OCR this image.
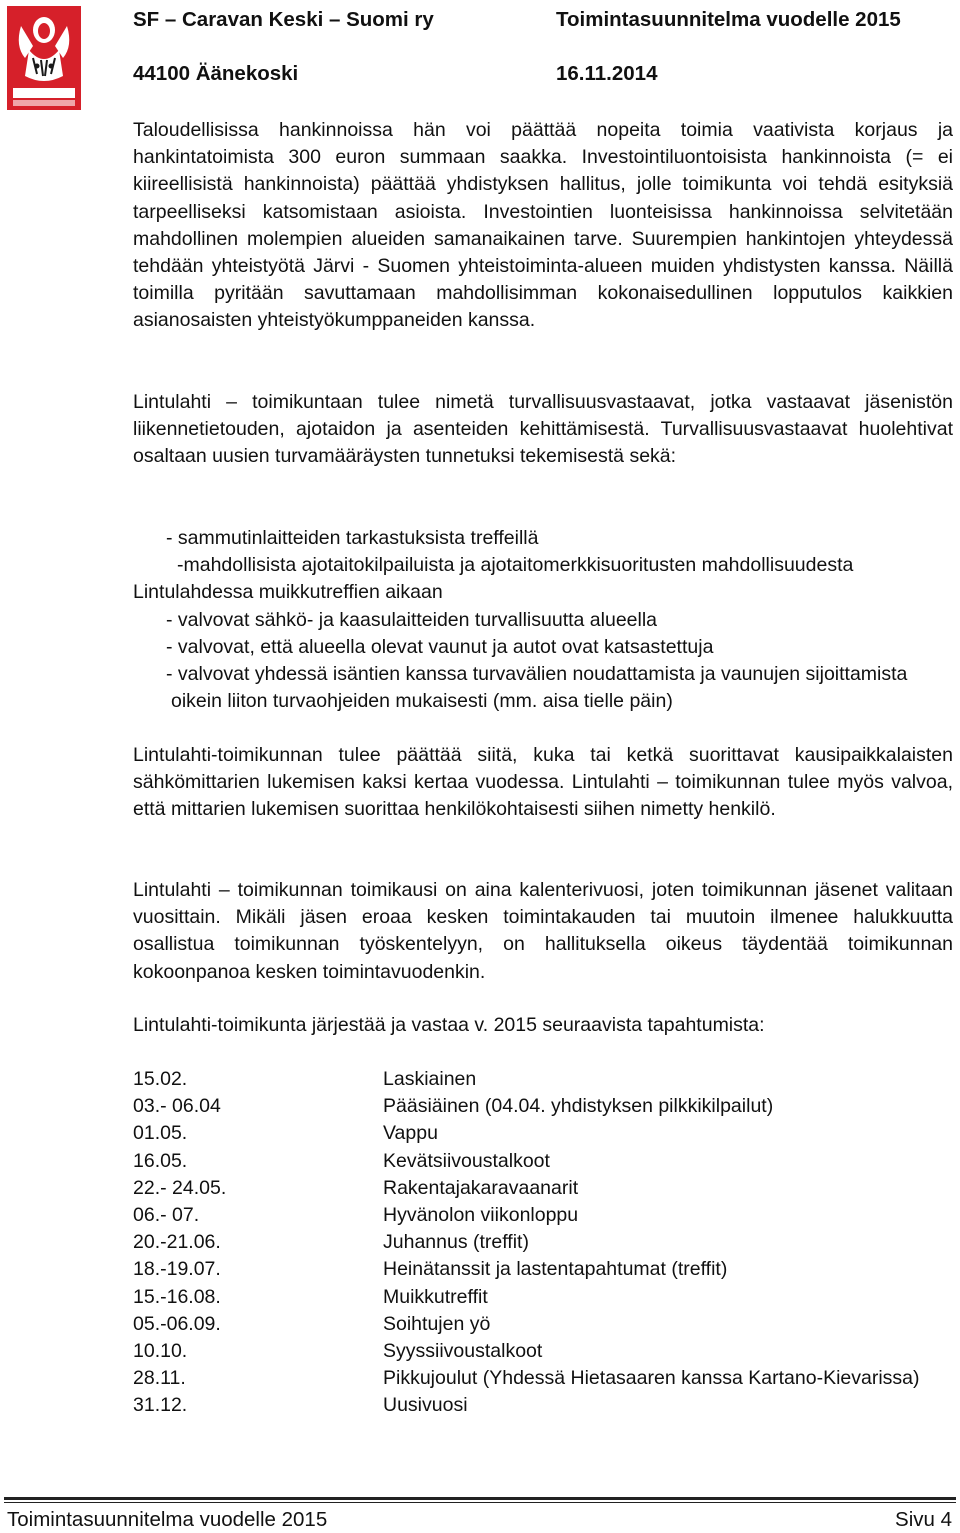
SF – Caravan Keski – Suomi ry	Toimintasuunnitelma vuodelle 2015
44100 Äänekoski	16.11.2014

Taloudellisissa hankinnoissa hän voi päättää nopeita toimia vaativista korjaus ja hankintatoimista 300 euron summaan saakka. Investointiluontoisista hankinnoista (= ei kiireellisistä hankinnoista) päättää yhdistyksen hallitus, jolle toimikunta voi tehdä esityksiä tarpeelliseksi katsomistaan asioista. Investointien luonteisissa hankinnoissa selvitetään mahdollinen molempien alueiden samanaikainen tarve. Suurempien hankintojen yhteydessä tehdään yhteistyötä Järvi - Suomen yhteistoiminta-alueen muiden yhdistysten kanssa. Näillä toimilla pyritään savuttamaan mahdollisimman kokonaisedullinen lopputulos kaikkien asianosaisten yhteistyökumppaneiden kanssa.

Lintulahti – toimikuntaan tulee nimetä turvallisuusvastaavat, jotka vastaavat jäsenistön liikennetietouden, ajotaidon ja asenteiden kehittämisestä. Turvallisuusvastaavat huolehtivat osaltaan uusien turvamääräysten tunnetuksi tekemisestä sekä:

- sammutinlaitteiden tarkastuksista treffeillä
-mahdollisista ajotaitokilpailuista ja ajotaitomerkkisuoritusten mahdollisuudesta Lintulahdessa muikkutreffien aikaan
- valvovat sähkö- ja kaasulaitteiden turvallisuutta alueella
- valvovat, että alueella olevat vaunut ja autot ovat katsastettuja
- valvovat yhdessä isäntien kanssa turvavälien noudattamista ja vaunujen sijoittamista oikein liiton turvaohjeiden mukaisesti (mm. aisa tielle päin)

Lintulahti-toimikunnan tulee päättää siitä, kuka tai ketkä suorittavat kausipaikkalaisten sähkömittarien lukemisen kaksi kertaa vuodessa. Lintulahti – toimikunnan tulee myös valvoa, että mittarien lukemisen suorittaa henkilökohtaisesti siihen nimetty henkilö.

Lintulahti – toimikunnan toimikausi on aina kalenterivuosi, joten toimikunnan jäsenet valitaan vuosittain. Mikäli jäsen eroaa kesken toimintakauden tai muutoin ilmenee halukkuutta osallistua toimikunnan työskentelyyn, on hallituksella oikeus täydentää toimikunnan kokoonpanoa kesken toimintavuodenkin.

Lintulahti-toimikunta järjestää ja vastaa v. 2015 seuraavista tapahtumista:

15.02.	Laskiainen
03.- 06.04	Pääsiäinen (04.04. yhdistyksen pilkkikilpailut)
01.05.	Vappu
16.05.	Kevätsiivoustalkoot
22.- 24.05.	Rakentajakaravaanarit
06.- 07.	Hyvänolon viikonloppu
20.-21.06.	Juhannus (treffit)
18.-19.07.	Heinätanssit ja lastentapahtumat (treffit)
15.-16.08.	Muikkutreffit
05.-06.09.	Soihtujen yö
10.10.	Syyssiivoustalkoot
28.11.	Pikkujoulut (Yhdessä Hietasaaren kanssa Kartano-Kievarissa)
31.12.	Uusivuosi
Toimintasuunnitelma vuodelle 2015	Sivu 4
